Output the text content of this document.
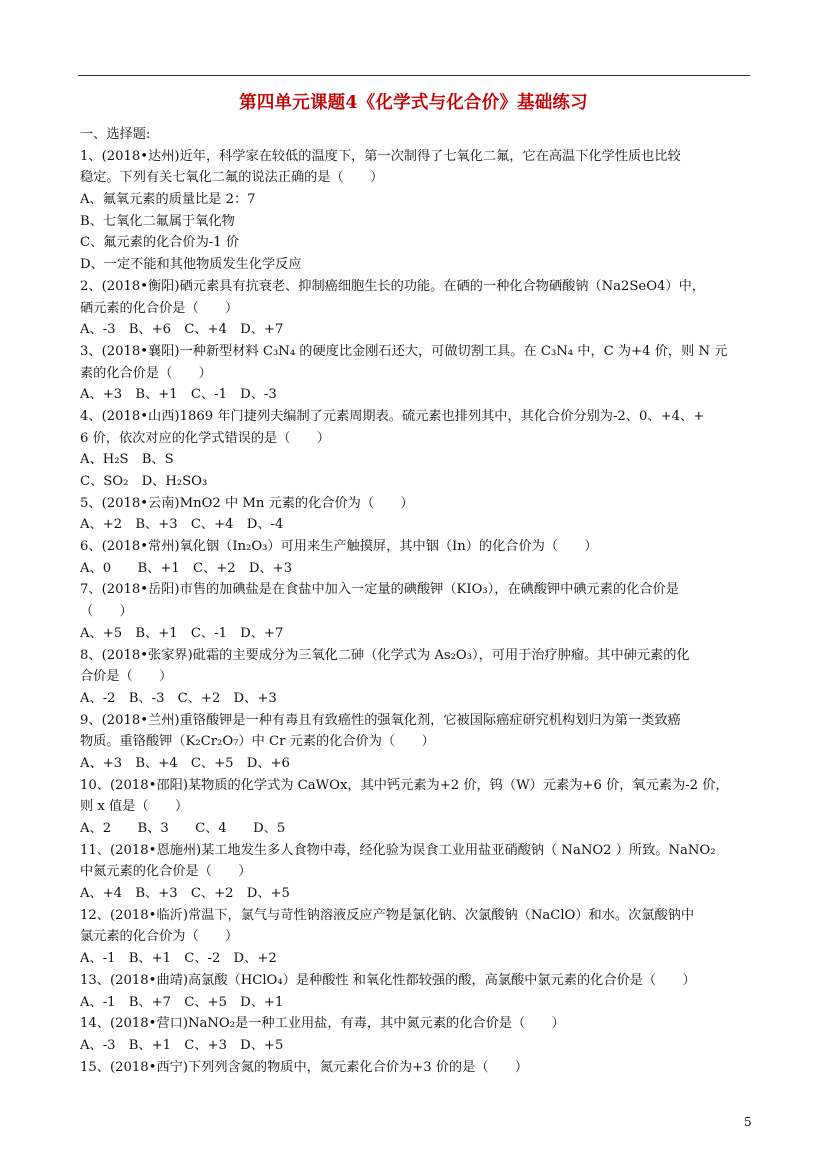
第四单元课题4《化学式与化合价》基础练习
一、选择题:
1、(2018•达州)近年，科学家在较低的温度下，第一次制得了七氧化二氟，它在高温下化学性质也比较
稳定。下列有关七氧化二氟的说法正确的是（　　）
A、氟氧元素的质量比是 2：7
B、七氧化二氟属于氧化物
C、氟元素的化合价为-1 价
D、一定不能和其他物质发生化学反应
2、(2018•衡阳)硒元素具有抗衰老、抑制癌细胞生长的功能。在硒的一种化合物硒酸钠（Na2SeO4）中，
硒元素的化合价是（　　）
A、-3　B、+6　C、+4　D、+7
3、(2018•襄阳)一种新型材料 C₃N₄ 的硬度比金刚石还大，可做切割工具。在 C₃N₄ 中，C 为+4 价，则 N 元
素的化合价是（　　）
A、+3　B、+1　C、-1　D、-3
4、(2018•山西)1869 年门捷列夫编制了元素周期表。硫元素也排列其中，其化合价分别为-2、0、+4、+
6 价，依次对应的化学式错误的是（　　）
A、H₂S　B、S
C、SO₂　D、H₂SO₃
5、(2018•云南)MnO2 中 Mn 元素的化合价为（　　）
A、+2　B、+3　C、+4　D、-4
6、(2018•常州)氧化铟（In₂O₃）可用来生产触摸屏，其中铟（In）的化合价为（　　）
A、0　　B、+1　C、+2　D、+3
7、(2018•岳阳)市售的加碘盐是在食盐中加入一定量的碘酸钾（KIO₃），在碘酸钾中碘元素的化合价是
（　　）
A、+5　B、+1　C、-1　D、+7
8、(2018•张家界)砒霜的主要成分为三氧化二砷（化学式为 As₂O₃），可用于治疗肿瘤。其中砷元素的化
合价是（　　）
A、-2　B、-3　C、+2　D、+3
9、(2018•兰州)重铬酸钾是一种有毒且有致癌性的强氧化剂，它被国际癌症研究机构划归为第一类致癌
物质。重铬酸钾（K₂Cr₂O₇）中 Cr 元素的化合价为（　　）
A、+3　B、+4　C、+5　D、+6
10、(2018•邵阳)某物质的化学式为 CaWOx，其中钙元素为+2 价，钨（W）元素为+6 价，氧元素为-2 价，
则 x 值是（　　）
A、2　　B、3　　C、4　　D、5
11、(2018•恩施州)某工地发生多人食物中毒，经化验为误食工业用盐亚硝酸钠（ NaNO2 ）所致。NaNO₂
中氮元素的化合价是（　　）
A、+4　B、+3　C、+2　D、+5
12、(2018•临沂)常温下，氯气与苛性钠溶液反应产物是氯化钠、次氯酸钠（NaClO）和水。次氯酸钠中
氯元素的化合价为（　　）
A、-1　B、+1　C、-2　D、+2
13、(2018•曲靖)高氯酸（HClO₄）是种酸性 和氧化性都较强的酸，高氯酸中氯元素的化合价是（　　）
A、-1　B、+7　C、+5　D、+1
14、(2018•营口)NaNO₂是一种工业用盐，有毒，其中氮元素的化合价是（　　）
A、-3　B、+1　C、+3　D、+5
15、(2018•西宁)下列列含氮的物质中，氮元素化合价为+3 价的是（　　）
5
